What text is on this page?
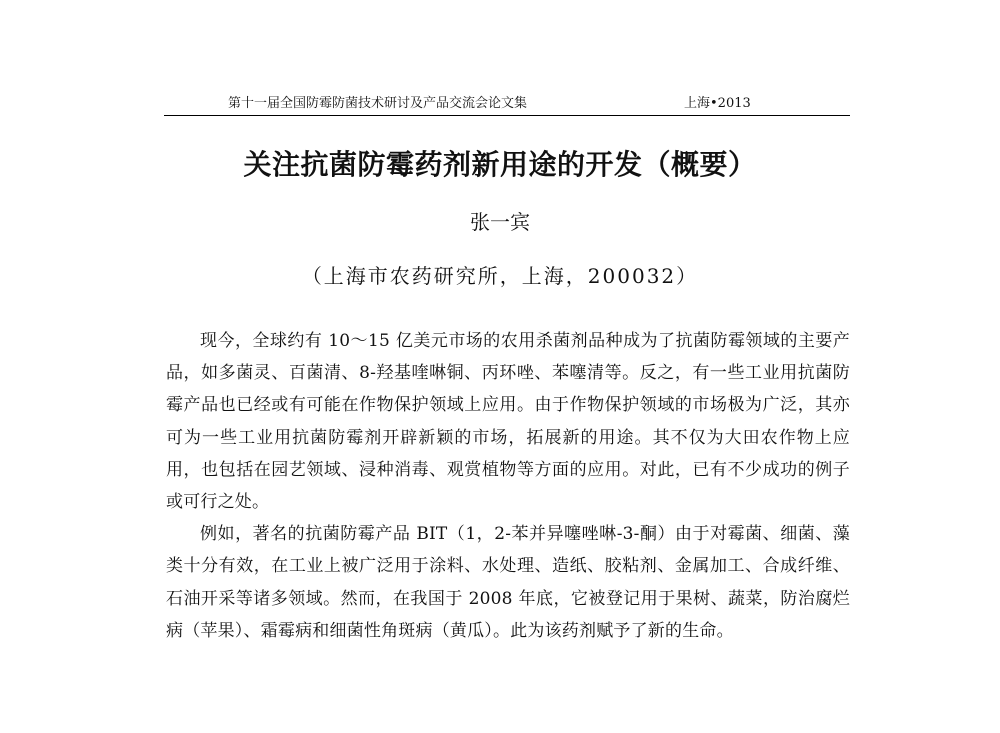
第十一届全国防霉防菌技术研讨及产品交流会论文集	上海•2013
关注抗菌防霉药剂新用途的开发（概要）
张一宾
（上海市农药研究所，上海，200032）

现今，全球约有 10～15 亿美元市场的农用杀菌剂品种成为了抗菌防霉领域的主要产品，如多菌灵、百菌清、8-羟基喹啉铜、丙环唑、苯噻清等。反之，有一些工业用抗菌防霉产品也已经或有可能在作物保护领域上应用。由于作物保护领域的市场极为广泛，其亦可为一些工业用抗菌防霉剂开辟新颖的市场，拓展新的用途。其不仅为大田农作物上应用，也包括在园艺领域、浸种消毒、观赏植物等方面的应用。对此，已有不少成功的例子或可行之处。

例如，著名的抗菌防霉产品 BIT（1，2-苯并异噻唑啉-3-酮）由于对霉菌、细菌、藻类十分有效，在工业上被广泛用于涂料、水处理、造纸、胶粘剂、金属加工、合成纤维、石油开采等诸多领域。然而，在我国于 2008 年底，它被登记用于果树、蔬菜，防治腐烂病（苹果）、霜霉病和细菌性角斑病（黄瓜）。此为该药剂赋予了新的生命。
